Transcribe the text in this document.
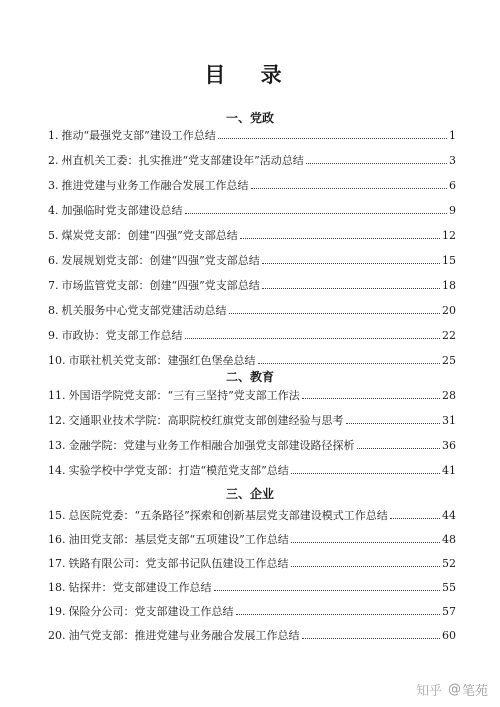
目 录
一、党政
1. 推动“最强党支部”建设工作总结	1
2. 州直机关工委：扎实推进“党支部建设年”活动总结	3
3. 推进党建与业务工作融合发展工作总结	6
4. 加强临时党支部建设总结	9
5. 煤炭党支部：创建“四强”党支部总结	12
6. 发展规划党支部：创建“四强”党支部总结	15
7. 市场监管党支部：创建“四强”党支部总结	18
8. 机关服务中心党支部党建活动总结	20
9. 市政协：党支部工作总结	22
10. 市联社机关党支部：建强红色堡垒总结	25
二、教育
11. 外国语学院党支部：“三有三坚持”党支部工作法	28
12. 交通职业技术学院：高职院校红旗党支部创建经验与思考	31
13. 金融学院：党建与业务工作相融合加强党支部建设路径探析	36
14. 实验学校中学党支部：打造“模范党支部”总结	41
三、企业
15. 总医院党委：“五条路径”探索和创新基层党支部建设模式工作总结	44
16. 油田党支部：基层党支部“五项建设”工作总结	48
17. 铁路有限公司：党支部书记队伍建设工作总结	52
18. 钻探井：党支部建设工作总结	55
19. 保险分公司：党支部建设工作总结	57
20. 油气党支部：推进党建与业务融合发展工作总结	60
知乎 @ 笔苑
